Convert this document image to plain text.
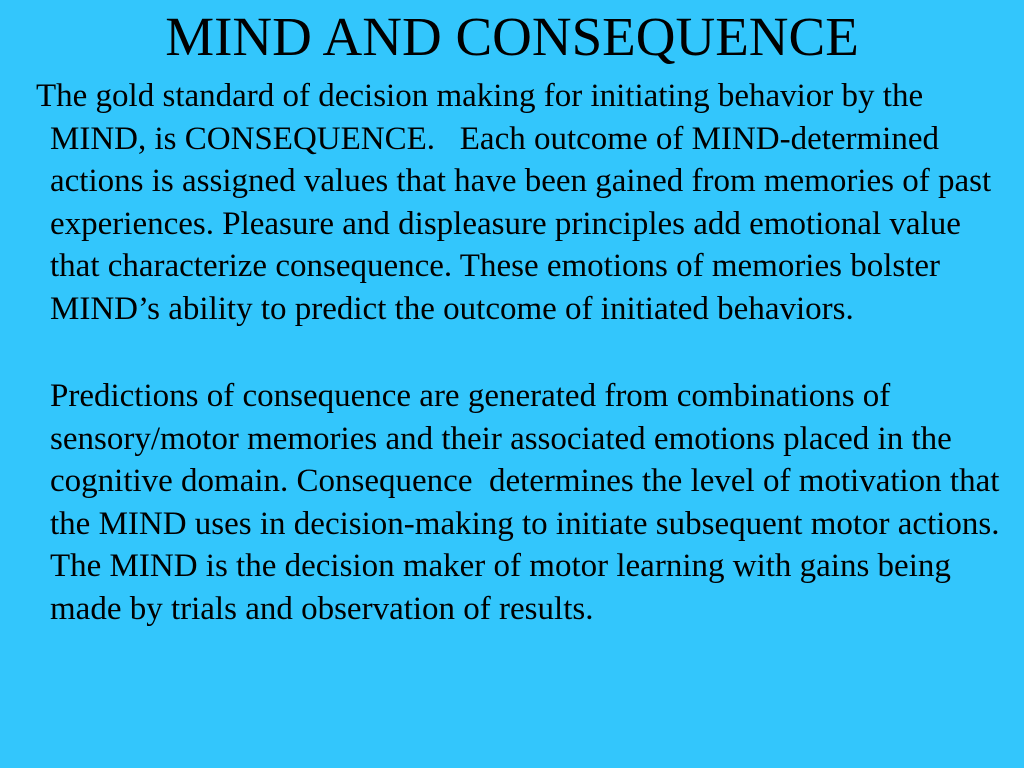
MIND AND CONSEQUENCE

The gold standard of decision making for initiating behavior by the MIND, is CONSEQUENCE.   Each outcome of MIND-determined actions is assigned values that have been gained from memories of past experiences. Pleasure and displeasure principles add emotional value that characterize consequence. These emotions of memories bolster MIND’s ability to predict the outcome of initiated behaviors.

Predictions of consequence are generated from combinations of sensory/motor memories and their associated emotions placed in the cognitive domain. Consequence  determines the level of motivation that the MIND uses in decision-making to initiate subsequent motor actions. The MIND is the decision maker of motor learning with gains being made by trials and observation of results.
